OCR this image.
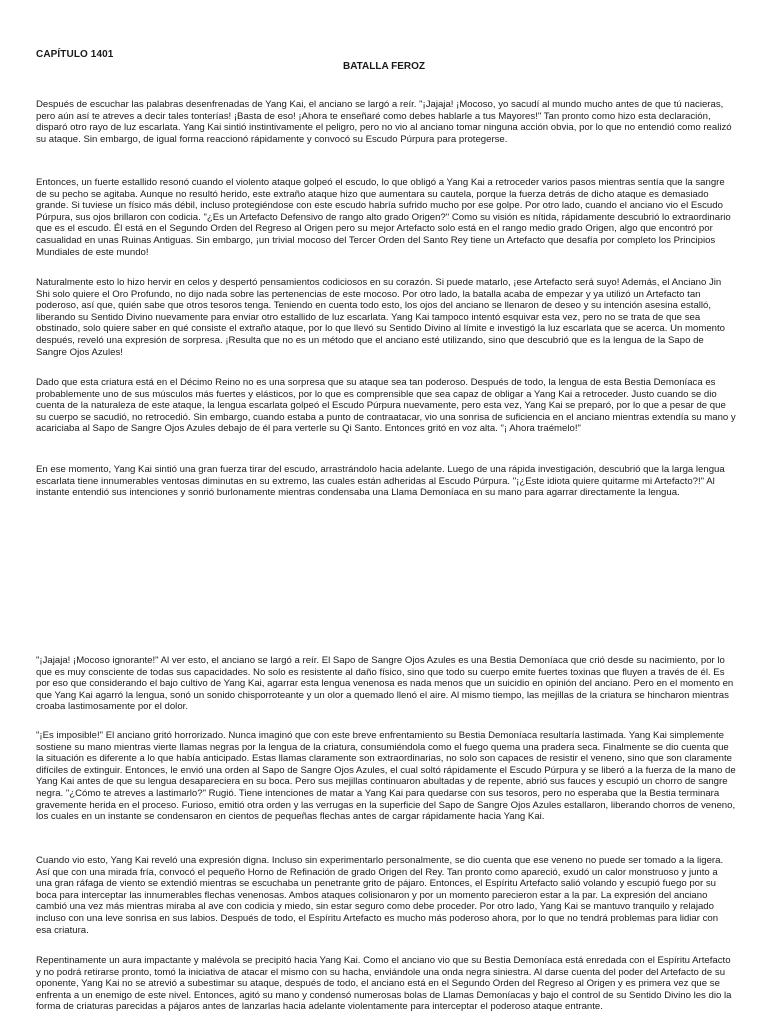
CAPÍTULO 1401
BATALLA FEROZ

Después de escuchar las palabras desenfrenadas de Yang Kai, el anciano se largó a reír. "¡Jajaja! ¡Mocoso, yo sacudí al mundo mucho antes de que tú nacieras, pero aún así te atreves a decir tales tonterías! ¡Basta de eso! ¡Ahora te enseñaré como debes hablarle a tus Mayores!" Tan pronto como hizo esta declaración, disparó otro rayo de luz escarlata. Yang Kai sintió instintivamente el peligro, pero no vio al anciano tomar ninguna acción obvia, por lo que no entendió como realizó su ataque. Sin embargo, de igual forma reaccionó rápidamente y convocó su Escudo Púrpura para protegerse.

Entonces, un fuerte estallido resonó cuando el violento ataque golpeó el escudo, lo que obligó a Yang Kai a retroceder varios pasos mientras sentía que la sangre de su pecho se agitaba. Aunque no resultó herido, este extraño ataque hizo que aumentara su cautela, porque la fuerza detrás de dicho ataque es demasiado grande. Si tuviese un físico más débil, incluso protegiéndose con este escudo habría sufrido mucho por ese golpe. Por otro lado, cuando el anciano vio el Escudo Púrpura, sus ojos brillaron con codicia. "¿Es un Artefacto Defensivo de rango alto grado Origen?" Como su visión es nítida, rápidamente descubrió lo extraordinario que es el escudo. Él está en el Segundo Orden del Regreso al Origen pero su mejor Artefacto solo está en el rango medio grado Origen, algo que encontró por casualidad en unas Ruinas Antiguas. Sin embargo, ¡un trivial mocoso del Tercer Orden del Santo Rey tiene un Artefacto que desafía por completo los Principios Mundiales de este mundo!

Naturalmente esto lo hizo hervir en celos y despertó pensamientos codiciosos en su corazón. Si puede matarlo, ¡ese Artefacto será suyo! Además, el Anciano Jin Shi solo quiere el Oro Profundo, no dijo nada sobre las pertenencias de este mocoso. Por otro lado, la batalla acaba de empezar y ya utilizó un Artefacto tan poderoso, así que, quién sabe que otros tesoros tenga. Teniendo en cuenta todo esto, los ojos del anciano se llenaron de deseo y su intención asesina estalló, liberando su Sentido Divino nuevamente para enviar otro estallido de luz escarlata. Yang Kai tampoco intentó esquivar esta vez, pero no se trata de que sea obstinado, solo quiere saber en qué consiste el extraño ataque, por lo que llevó su Sentido Divino al límite e investigó la luz escarlata que se acerca. Un momento después, reveló una expresión de sorpresa. ¡Resulta que no es un método que el anciano esté utilizando, sino que descubrió que es la lengua de la Sapo de Sangre Ojos Azules!

Dado que esta criatura está en el Décimo Reino no es una sorpresa que su ataque sea tan poderoso. Después de todo, la lengua de esta Bestia Demoníaca es probablemente uno de sus músculos más fuertes y elásticos, por lo que es comprensible que sea capaz de obligar a Yang Kai a retroceder. Justo cuando se dio cuenta de la naturaleza de este ataque, la lengua escarlata golpeó el Escudo Púrpura nuevamente, pero esta vez, Yang Kai se preparó, por lo que a pesar de que su cuerpo se sacudió, no retrocedió. Sin embargo, cuando estaba a punto de contraatacar, vio una sonrisa de suficiencia en el anciano mientras extendía su mano y acariciaba al Sapo de Sangre Ojos Azules debajo de él para verterle su Qi Santo. Entonces gritó en voz alta. "¡ Ahora traémelo!"

En ese momento, Yang Kai sintió una gran fuerza tirar del escudo, arrastrándolo hacia adelante. Luego de una rápida investigación, descubrió que la larga lengua escarlata tiene innumerables ventosas diminutas en su extremo, las cuales están adheridas al Escudo Púrpura. "¡¿Este idiota quiere quitarme mi Artefacto?!" Al instante entendió sus intenciones y sonrió burlonamente mientras condensaba una Llama Demoníaca en su mano para agarrar directamente la lengua.

"¡Jajaja! ¡Mocoso ignorante!" Al ver esto, el anciano se largó a reír. El Sapo de Sangre Ojos Azules es una Bestia Demoníaca que crió desde su nacimiento, por lo que es muy consciente de todas sus capacidades. No solo es resistente al daño físico, sino que todo su cuerpo emite fuertes toxinas que fluyen a través de él. Es por eso que considerando el bajo cultivo de Yang Kai, agarrar esta lengua venenosa es nada menos que un suicidio en opinión del anciano. Pero en el momento en que Yang Kai agarró la lengua, sonó un sonido chisporroteante y un olor a quemado llenó el aire. Al mismo tiempo, las mejillas de la criatura se hincharon mientras croaba lastimosamente por el dolor.

"¡Es imposible!" El anciano gritó horrorizado. Nunca imaginó que con este breve enfrentamiento su Bestia Demoníaca resultaría lastimada. Yang Kai simplemente sostiene su mano mientras vierte llamas negras por la lengua de la criatura, consumiéndola como el fuego quema una pradera seca. Finalmente se dio cuenta que la situación es diferente a lo que había anticipado. Estas llamas claramente son extraordinarias, no solo son capaces de resistir el veneno, sino que son claramente difíciles de extinguir. Entonces, le envió una orden al Sapo de Sangre Ojos Azules, el cual soltó rápidamente el Escudo Púrpura y se liberó a la fuerza de la mano de Yang Kai antes de que su lengua desapareciera en su boca. Pero sus mejillas continuaron abultadas y de repente, abrió sus fauces y escupió un chorro de sangre negra. "¿Cómo te atreves a lastimarlo?" Rugió. Tiene intenciones de matar a Yang Kai para quedarse con sus tesoros, pero no esperaba que la Bestia terminara gravemente herida en el proceso. Furioso, emitió otra orden y las verrugas en la superficie del Sapo de Sangre Ojos Azules estallaron, liberando chorros de veneno, los cuales en un instante se condensaron en cientos de pequeñas flechas antes de cargar rápidamente hacia Yang Kai.

Cuando vio esto, Yang Kai reveló una expresión digna. Incluso sin experimentarlo personalmente, se dio cuenta que ese veneno no puede ser tomado a la ligera. Así que con una mirada fría, convocó el pequeño Horno de Refinación de grado Origen del Rey. Tan pronto como apareció, exudó un calor monstruoso y junto a una gran ráfaga de viento se extendió mientras se escuchaba un penetrante grito de pájaro. Entonces, el Espíritu Artefacto salió volando y escupió fuego por su boca para interceptar las innumerables flechas venenosas. Ambos ataques colisionaron y por un momento parecieron estar a la par. La expresión del anciano cambió una vez más mientras miraba al ave con codicia y miedo, sin estar seguro como debe proceder. Por otro lado, Yang Kai se mantuvo tranquilo y relajado incluso con una leve sonrisa en sus labios. Después de todo, el Espíritu Artefacto es mucho más poderoso ahora, por lo que no tendrá problemas para lidiar con esa criatura.

Repentinamente un aura impactante y malévola se precipitó hacia Yang Kai. Como el anciano vio que su Bestia Demoníaca está enredada con el Espíritu Artefacto y no podrá retirarse pronto, tomó la iniciativa de atacar el mismo con su hacha, enviándole una onda negra siniestra. Al darse cuenta del poder del Artefacto de su oponente, Yang Kai no se atrevió a subestimar su ataque, después de todo, el anciano está en el Segundo Orden del Regreso al Origen y es primera vez que se enfrenta a un enemigo de este nivel. Entonces, agitó su mano y condensó numerosas bolas de Llamas Demoníacas y bajo el control de su Sentido Divino les dio la forma de criaturas parecidas a pájaros antes de lanzarlas hacia adelante violentamente para interceptar el poderoso ataque entrante.
